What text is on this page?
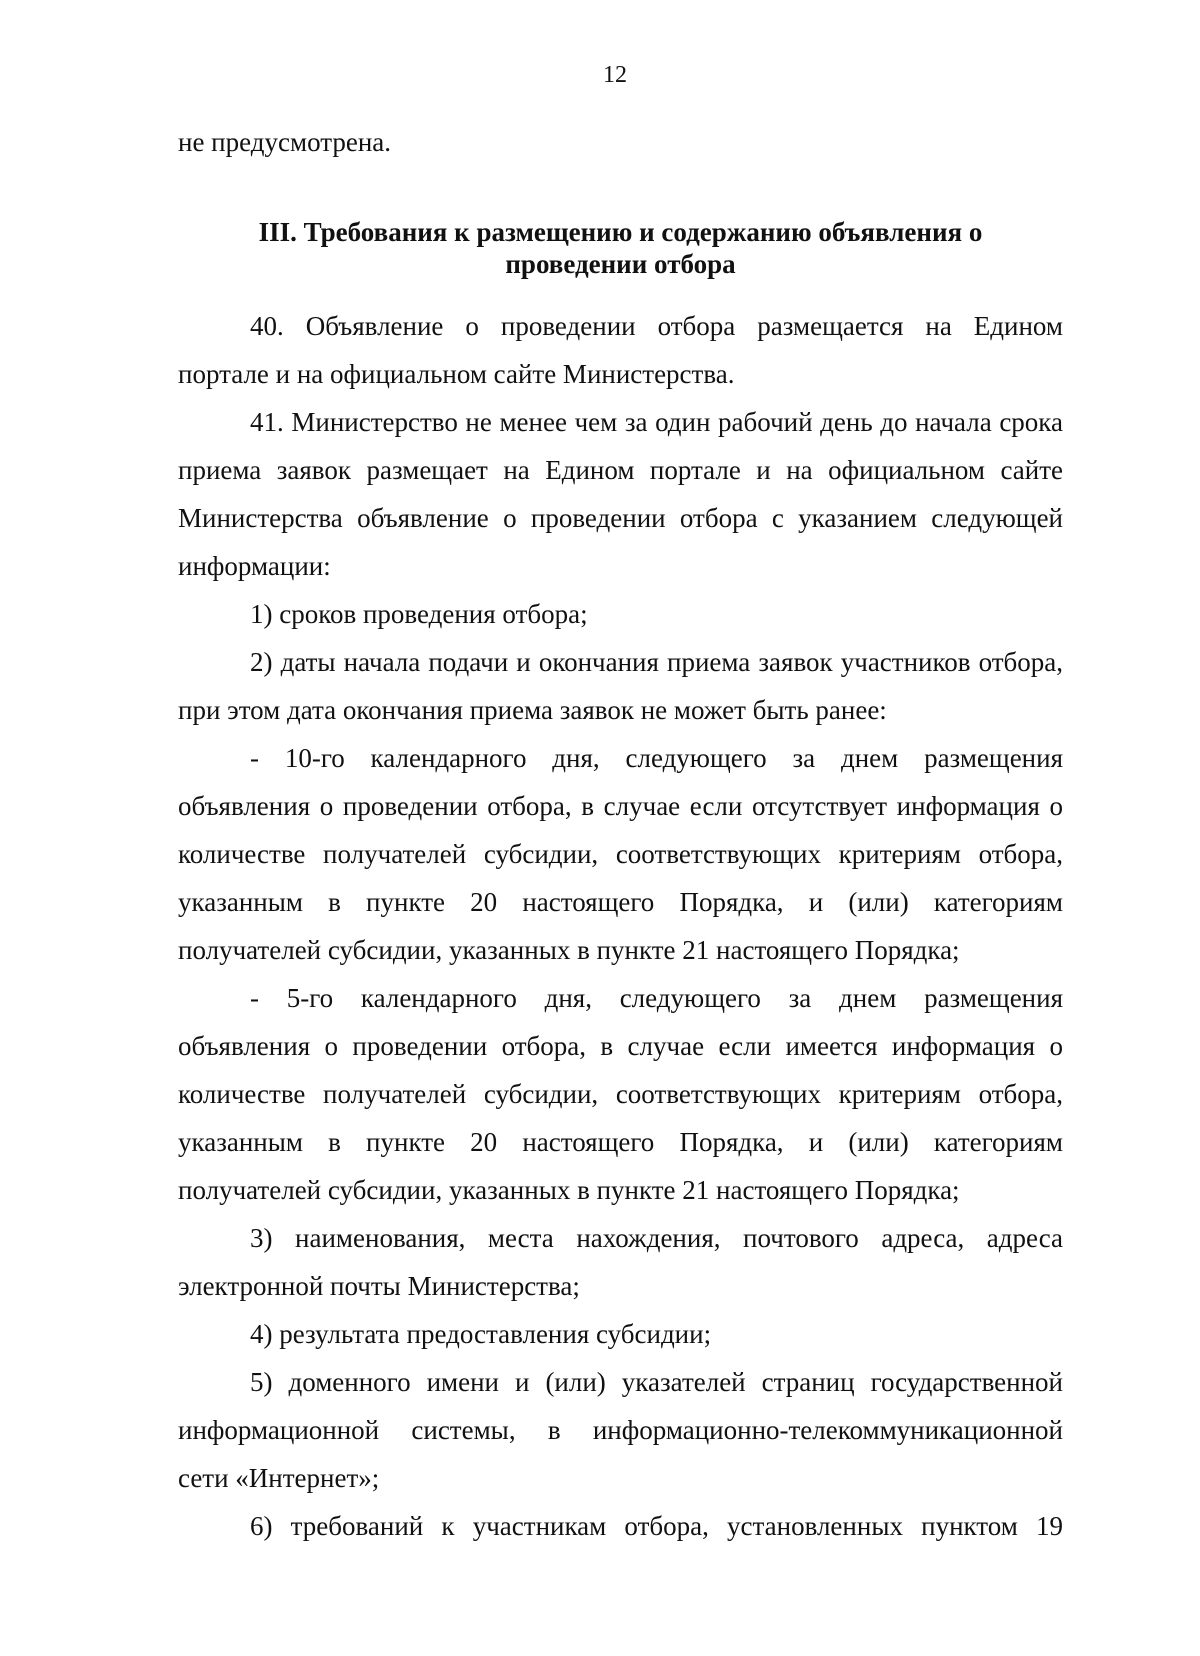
12
не предусмотрена.
III. Требования к размещению и содержанию объявления о
проведении отбора
40. Объявление о проведении отбора размещается на Едином
портале и на официальном сайте Министерства.
41. Министерство не менее чем за один рабочий день до начала срока
приема заявок размещает на Едином портале и на официальном сайте
Министерства объявление о проведении отбора с указанием следующей
информации:
1) сроков проведения отбора;
2) даты начала подачи и окончания приема заявок участников отбора,
при этом дата окончания приема заявок не может быть ранее:
- 10-го календарного дня, следующего за днем размещения
объявления о проведении отбора, в случае если отсутствует информация о
количестве получателей субсидии, соответствующих критериям отбора,
указанным в пункте 20 настоящего Порядка, и (или) категориям
получателей субсидии, указанных в пункте 21 настоящего Порядка;
- 5-го календарного дня, следующего за днем размещения
объявления о проведении отбора, в случае если имеется информация о
количестве получателей субсидии, соответствующих критериям отбора,
указанным в пункте 20 настоящего Порядка, и (или) категориям
получателей субсидии, указанных в пункте 21 настоящего Порядка;
3) наименования, места нахождения, почтового адреса, адреса
электронной почты Министерства;
4) результата предоставления субсидии;
5) доменного имени и (или) указателей страниц государственной
информационной системы, в информационно-телекоммуникационной
сети «Интернет»;
6) требований к участникам отбора, установленных пунктом 19
